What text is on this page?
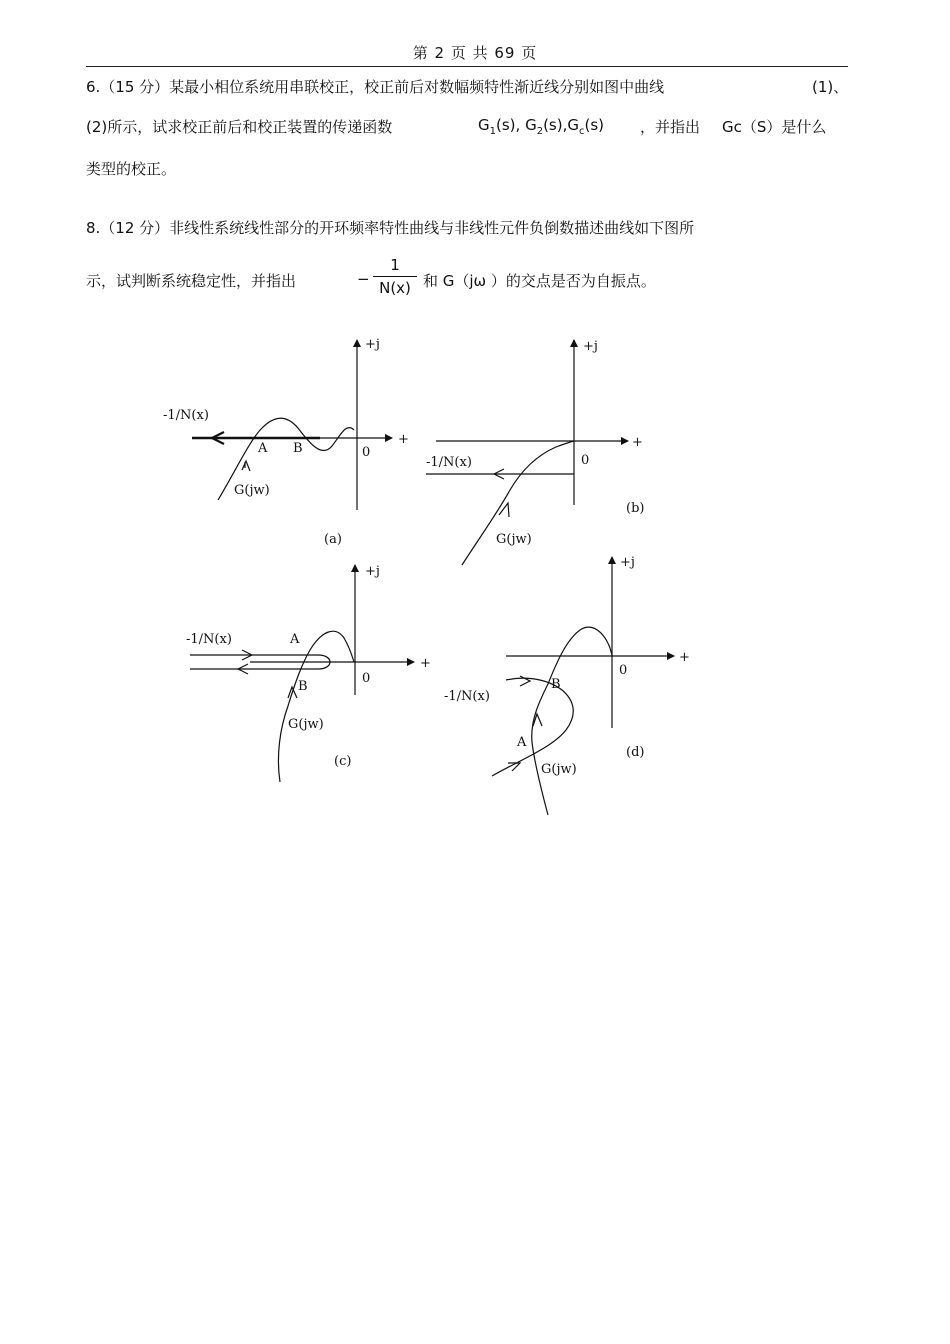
第 2 页 共 69 页
6.（15 分）某最小相位系统用串联校正，校正前后对数幅频特性渐近线分别如图中曲线	(1)、
(2)所示，试求校正前后和校正装置的传递函数	$G_1(s)$, $G_2(s),G_c(s)$ ，并指出 Gc（S）是什么
类型的校正。
8.（12 分）非线性系统线性部分的开环频率特性曲线与非线性元件负倒数描述曲线如下图所
示，试判断系统稳定性，并指出	−
1
N(x) 和 G（jω ）的交点是否为自振点。
+j
+
0
-1/N(x)
G(jw)
A B
(a)
+j
+
0
-1/N(x)
G(jw)
(b)
+j
+
0
-1/N(x)
G(jw)
A
B
(c)
+j
+
0
-1/N(x)
G(jw)
A
B
(d)
